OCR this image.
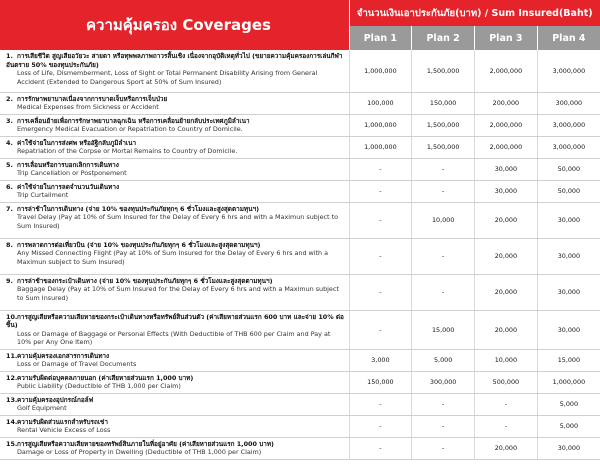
ความคุ้มครอง Coverages	จำนวนเงินเอาประกันภัย(บาท) / Sum Insured(Baht)			
	Plan 1	Plan 2	Plan 3	Plan 4
1. การเสียชีวิต สูญเสียอวัยวะ สายตา หรือทุพพลภาพถาวรสิ้นเชิง เนื่องจากอุบัติเหตุทั่วไป (ขยายความคุ้มครองการเล่นกีฬาอันตราย 50% ของทุนประกันภัย)
Loss of Life, Dismemberment, Loss of Sight or Total Permanent Disability Arising from General Accident (Extended to Dangerous Sport at 50% of Sum Insured)	1,000,000	1,500,000	2,000,000	3,000,000
2. การรักษาพยาบาลเนื่องจากการบาดเจ็บหรือการเจ็บป่วย
Medical Expenses from Sickness or Accident	100,000	150,000	200,000	300,000
3. การเคลื่อนย้ายเพื่อการรักษาพยาบาลฉุกเฉิน หรือการเคลื่อนย้ายกลับประเทศภูมิลำเนา
Emergency Medical Evacuation or Repatriation to Country of Domicile.	1,000,000	1,500,000	2,000,000	3,000,000
4. ค่าใช้จ่ายในการส่งศพ หรืออัฐิกลับภูมิลำเนา
Repatriation of the Corpse or Mortal Remains to Country of Domicile.	1,000,000	1,500,000	2,000,000	3,000,000
5. การเลื่อนหรือการบอกเลิกการเดินทาง
Trip Cancellation or Postponement	-	-	30,000	50,000
6. ค่าใช้จ่ายในการลดจำนวนวันเดินทาง
Trip Curtailment	-	-	30,000	50,000
7. การล่าช้าในการเดินทาง (จ่าย 10% ของทุนประกันภัยทุกๆ 6 ชั่วโมงและสูงสุดตามทุนฯ)
Travel Delay (Pay at 10% of Sum Insured for the Delay of Every 6 hrs and with a Maximun subject to Sum Insured)	-	10,000	20,000	30,000
8. การพลาดการต่อเที่ยวบิน (จ่าย 10% ของทุนประกันภัยทุกๆ 6 ชั่วโมงและสูงสุดตามทุนฯ)
Any Missed Connecting Flight (Pay at 10% of Sum Insured for the Delay of Every 6 hrs and with a Maximun subject to Sum Insured)	-	-	20,000	30,000
9. การล่าช้าของกระเป๋าเดินทาง (จ่าย 10% ของทุนประกันภัยทุกๆ 6 ชั่วโมงและสูงสุดตามทุนฯ)
Baggage Delay (Pay at 10% of Sum Insured for the Delay of Every 6 hrs and with a Maximun subject to Sum Insured)	-	-	20,000	30,000
10.การสูญเสียหรือความเสียหายของกระเป๋าเดินทางหรือทรัพย์สินส่วนตัว (ค่าเสียหายส่วนแรก 600 บาท และจ่าย 10% ต่อชิ้น)
Loss or Damage of Baggage or Personal Effects (With Deductible of THB 600 per Claim and Pay at 10% per Any One Item)	-	15,000	20,000	30,000
11.ความคุ้มครองเอกสารการเดินทาง
Loss or Damage of Travel Documents	3,000	5,000	10,000	15,000
12.ความรับผิดต่อบุคคลภายนอก (ค่าเสียหายส่วนแรก 1,000 บาท)
Public Liability (Deductible of THB 1,000 per Claim)	150,000	300,000	500,000	1,000,000
13.ความคุ้มครองอุปกรณ์กอล์ฟ
Golf Equipment	-	-	-	5,000
14.ความรับผิดส่วนแรกสำหรับรถเช่า
Rental Vehicle Excess of Loss	-	-	-	5,000
15.การสูญเสียหรือความเสียหายของทรัพย์สินภายในที่อยู่อาศัย (ค่าเสียหายส่วนแรก 1,000 บาท)
Damage or Loss of Property in Dwelling (Deductible of THB 1,000 per Claim)	-	-	20,000	30,000
